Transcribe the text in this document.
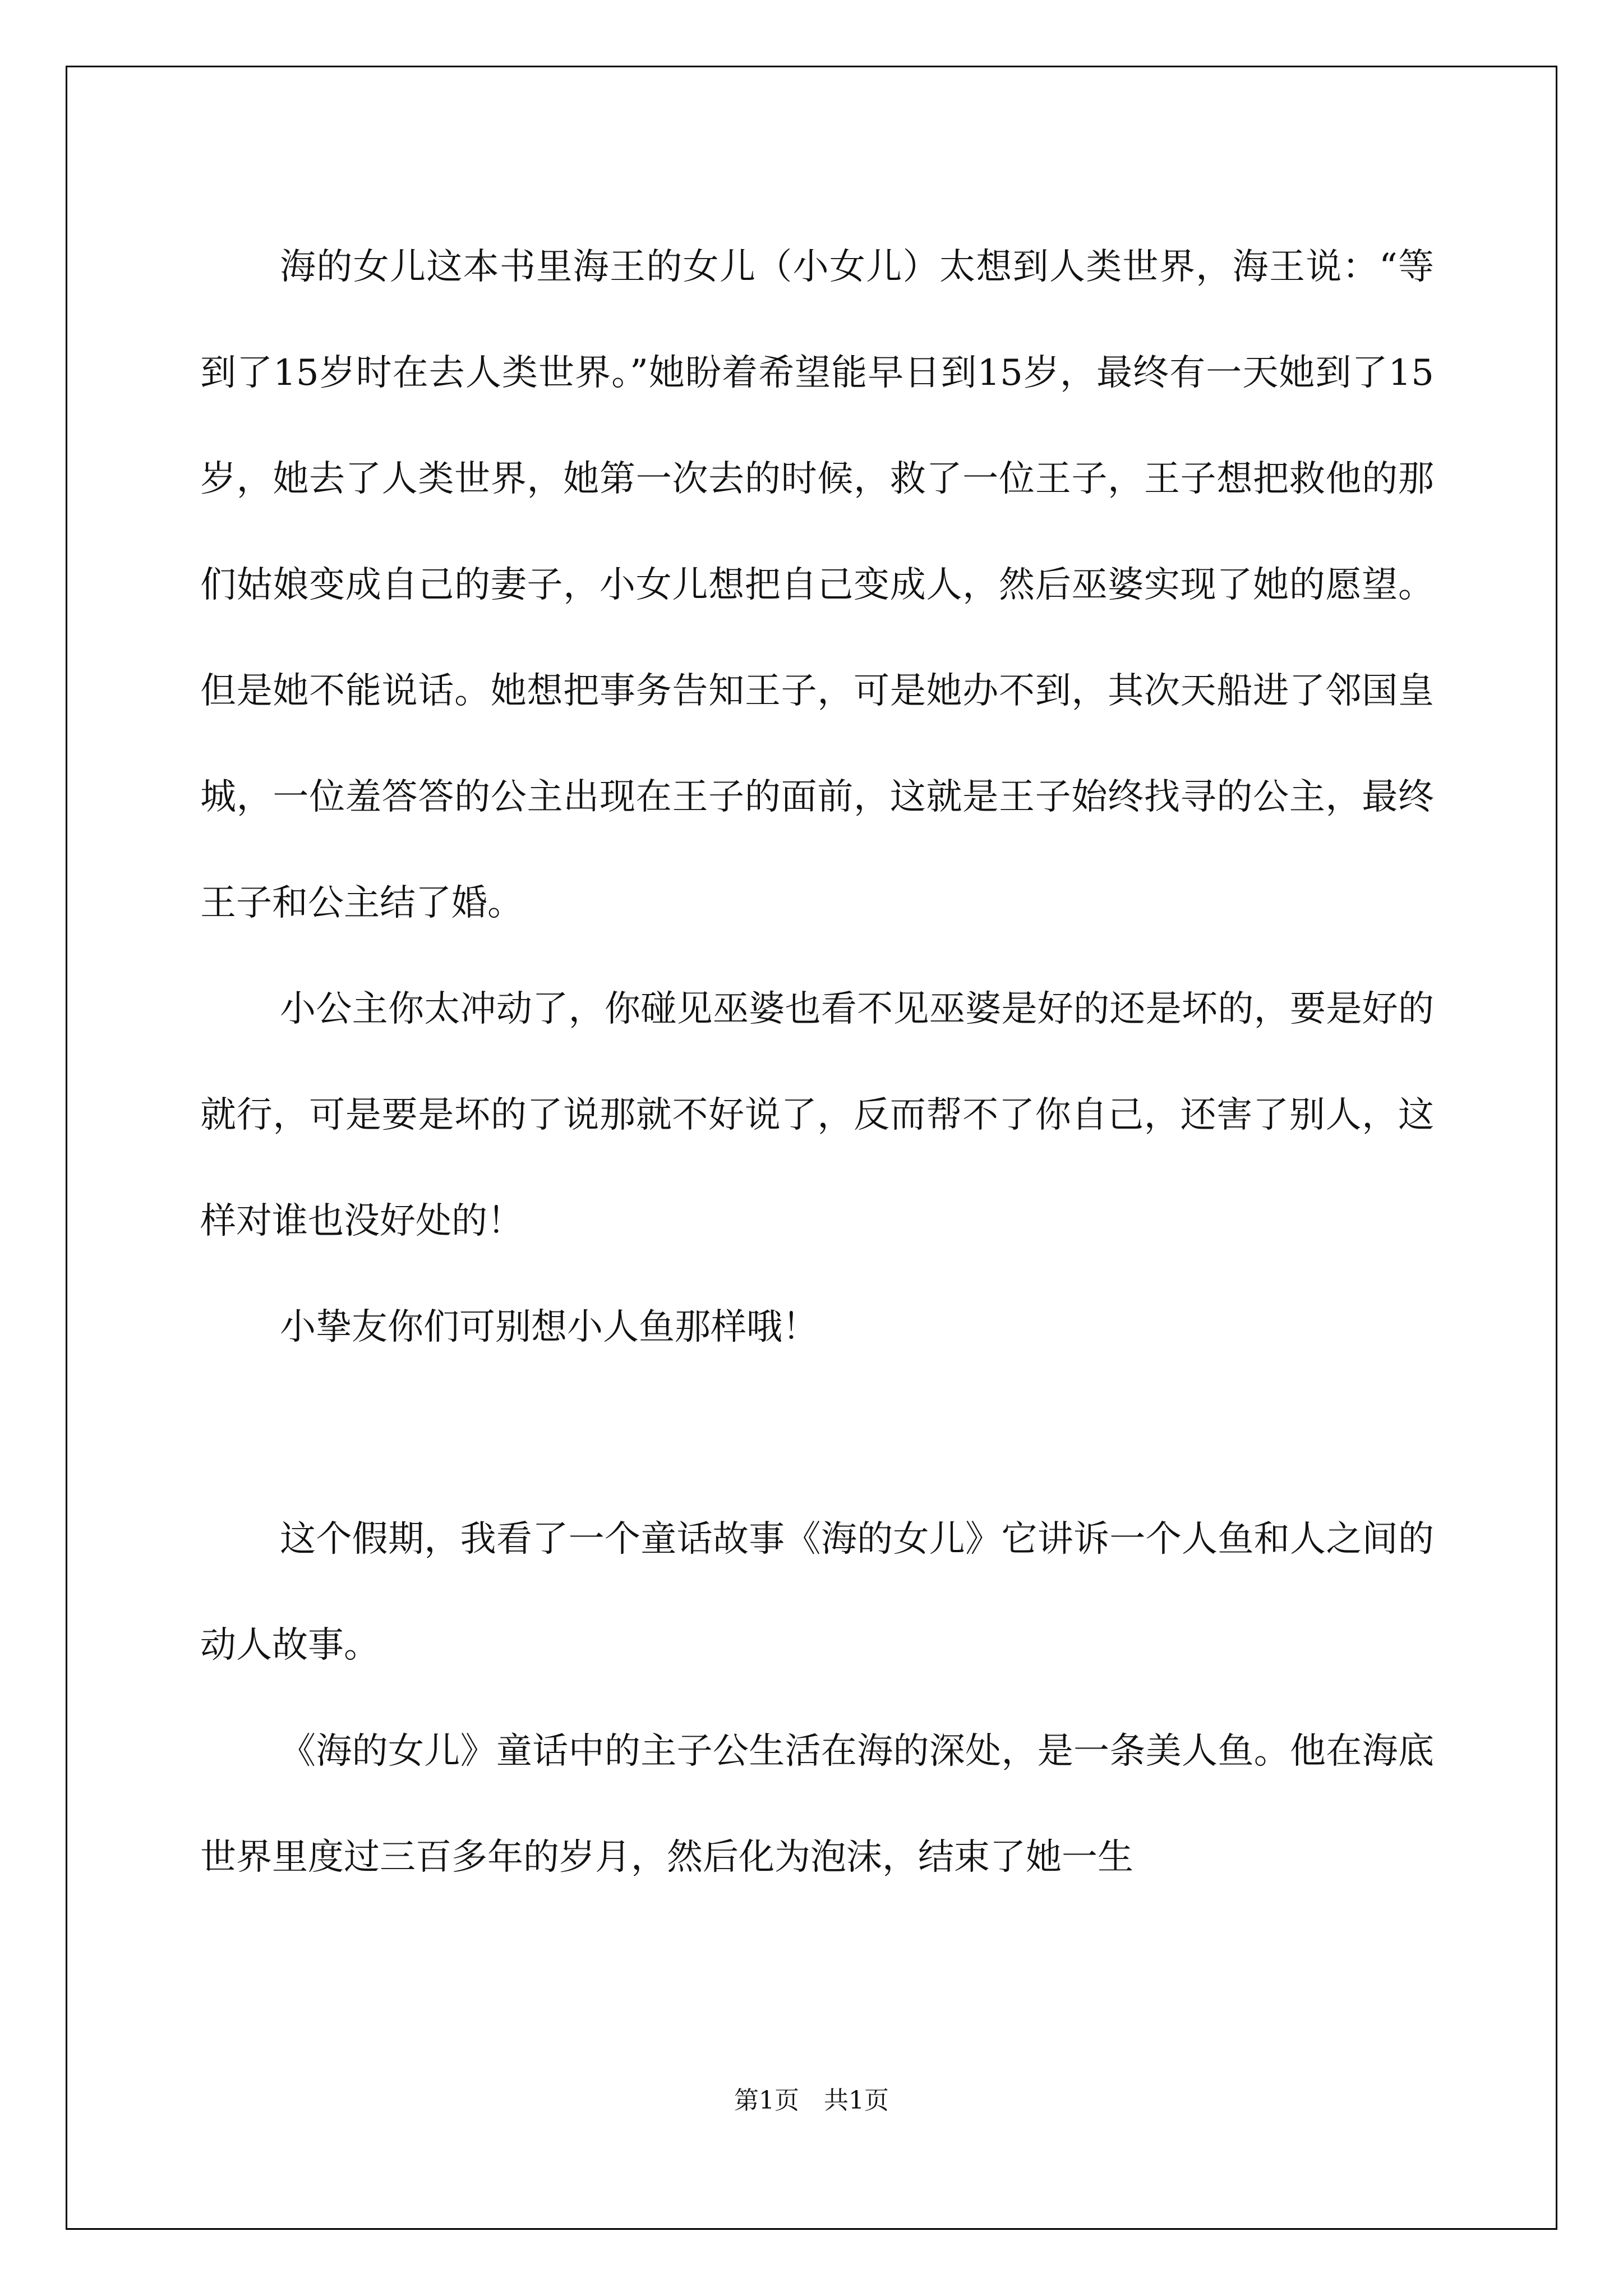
海的女儿这本书里海王的女儿（小女儿）太想到人类世界，海王说：“等到了15岁时在去人类世界。”她盼着希望能早日到15岁，最终有一天她到了15岁，她去了人类世界，她第一次去的时候，救了一位王子，王子想把救他的那们姑娘变成自己的妻子，小女儿想把自己变成人，然后巫婆实现了她的愿望。但是她不能说话。她想把事务告知王子，可是她办不到，其次天船进了邻国皇城，一位羞答答的公主出现在王子的面前，这就是王子始终找寻的公主，最终王子和公主结了婚。

小公主你太冲动了，你碰见巫婆也看不见巫婆是好的还是坏的，要是好的就行，可是要是坏的了说那就不好说了，反而帮不了你自己，还害了别人，这样对谁也没好处的！

小挚友你们可别想小人鱼那样哦！

这个假期，我看了一个童话故事《海的女儿》它讲诉一个人鱼和人之间的动人故事。

《海的女儿》童话中的主子公生活在海的深处，是一条美人鱼。他在海底世界里度过三百多年的岁月，然后化为泡沫，结束了她一生

第1页　共1页
